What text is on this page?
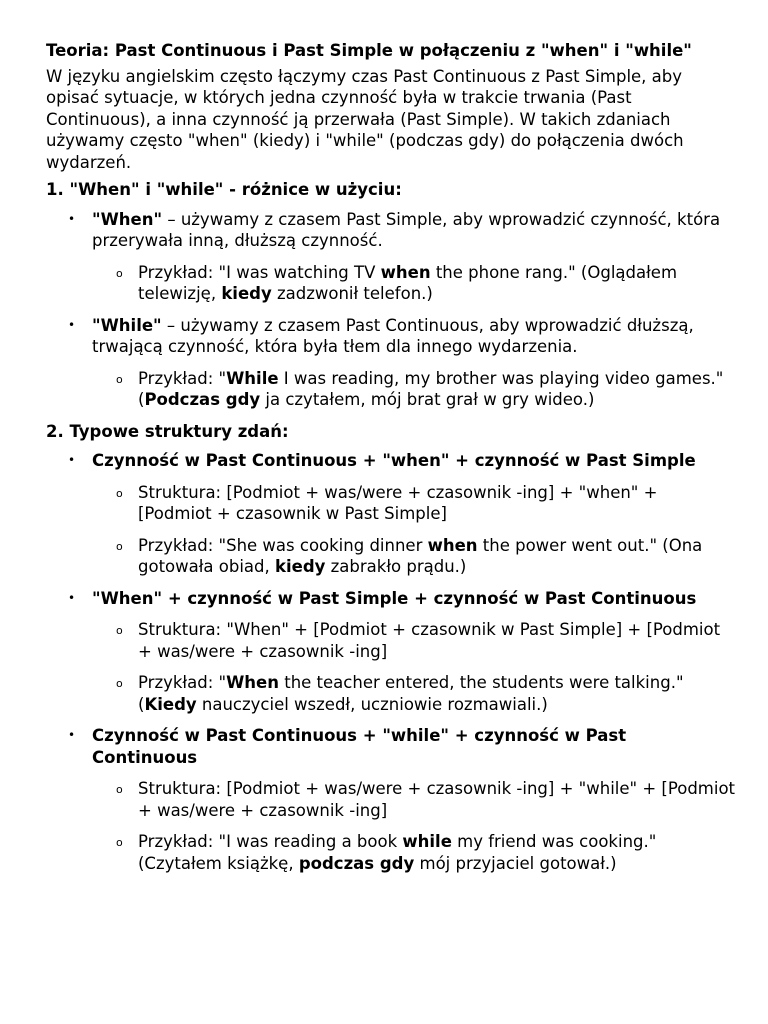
Teoria: Past Continuous i Past Simple w połączeniu z "when" i "while"

W języku angielskim często łączymy czas Past Continuous z Past Simple, aby opisać sytuacje, w których jedna czynność była w trakcie trwania (Past Continuous), a inna czynność ją przerwała (Past Simple). W takich zdaniach używamy często "when" (kiedy) i "while" (podczas gdy) do połączenia dwóch wydarzeń.

1. "When" i "while" - różnice w użyciu:

• "When" – używamy z czasem Past Simple, aby wprowadzić czynność, która przerywała inną, dłuższą czynność.
o Przykład: "I was watching TV when the phone rang." (Oglądałem telewizję, kiedy zadzwonił telefon.)
• "While" – używamy z czasem Past Continuous, aby wprowadzić dłuższą, trwającą czynność, która była tłem dla innego wydarzenia.
o Przykład: "While I was reading, my brother was playing video games." (Podczas gdy ja czytałem, mój brat grał w gry wideo.)

2. Typowe struktury zdań:

• Czynność w Past Continuous + "when" + czynność w Past Simple
o Struktura: [Podmiot + was/were + czasownik -ing] + "when" + [Podmiot + czasownik w Past Simple]
o Przykład: "She was cooking dinner when the power went out." (Ona gotowała obiad, kiedy zabrakło prądu.)
• "When" + czynność w Past Simple + czynność w Past Continuous
o Struktura: "When" + [Podmiot + czasownik w Past Simple] + [Podmiot + was/were + czasownik -ing]
o Przykład: "When the teacher entered, the students were talking." (Kiedy nauczyciel wszedł, uczniowie rozmawiali.)
• Czynność w Past Continuous + "while" + czynność w Past Continuous
o Struktura: [Podmiot + was/were + czasownik -ing] + "while" + [Podmiot + was/were + czasownik -ing]
o Przykład: "I was reading a book while my friend was cooking." (Czytałem książkę, podczas gdy mój przyjaciel gotował.)
